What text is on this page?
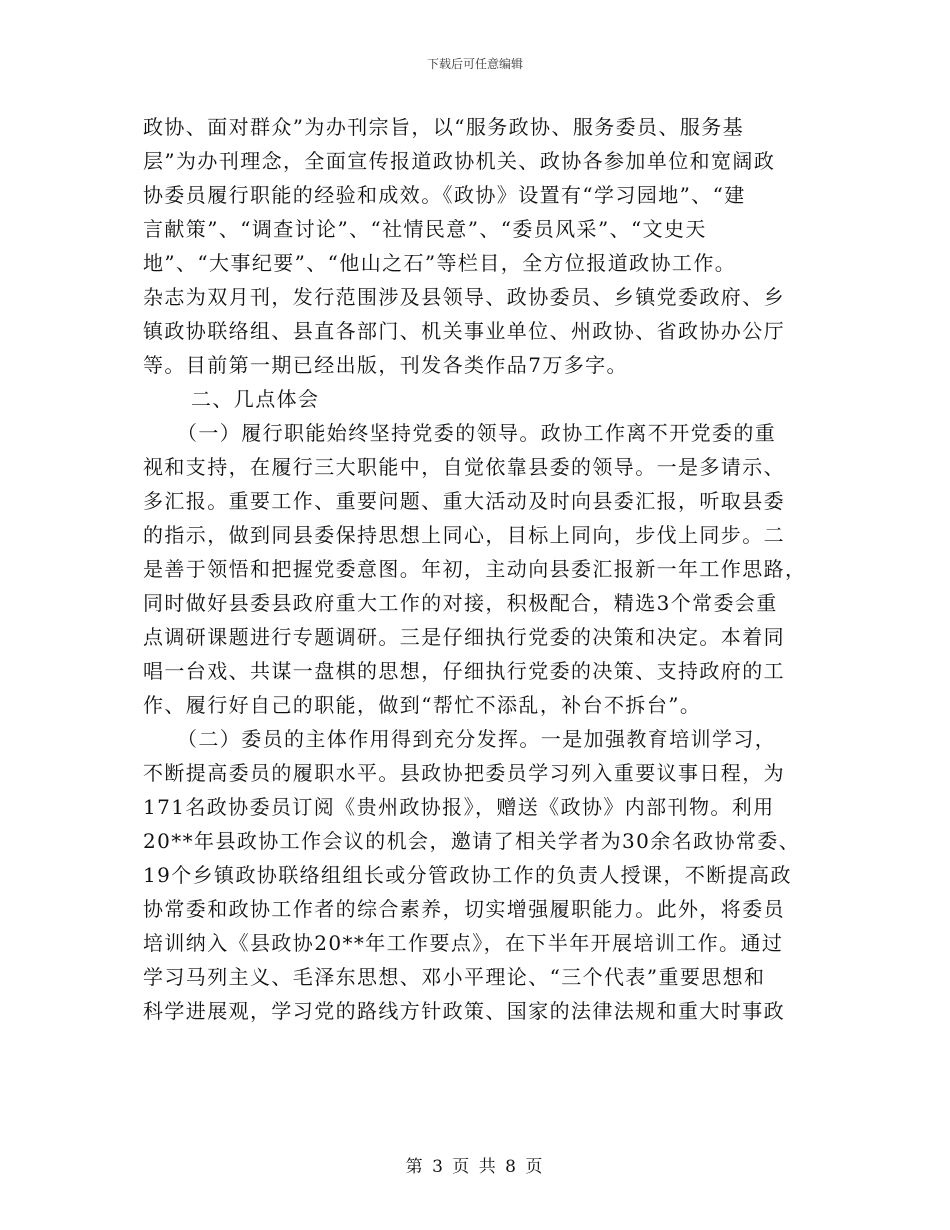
下载后可任意编辑
政协、面对群众”为办刊宗旨，以“服务政协、服务委员、服务基
层”为办刊理念，全面宣传报道政协机关、政协各参加单位和宽阔政
协委员履行职能的经验和成效。《政协》设置有“学习园地”、“建
言献策”、“调查讨论”、“社情民意”、“委员风采”、“文史天
地”、“大事纪要”、“他山之石”等栏目，全方位报道政协工作。
杂志为双月刊，发行范围涉及县领导、政协委员、乡镇党委政府、乡
镇政协联络组、县直各部门、机关事业单位、州政协、省政协办公厅
等。目前第一期已经出版，刊发各类作品7万多字。
二、几点体会
（一）履行职能始终坚持党委的领导。政协工作离不开党委的重
视和支持，在履行三大职能中，自觉依靠县委的领导。一是多请示、
多汇报。重要工作、重要问题、重大活动及时向县委汇报，听取县委
的指示，做到同县委保持思想上同心，目标上同向，步伐上同步。二
是善于领悟和把握党委意图。年初，主动向县委汇报新一年工作思路，
同时做好县委县政府重大工作的对接，积极配合，精选3个常委会重
点调研课题进行专题调研。三是仔细执行党委的决策和决定。本着同
唱一台戏、共谋一盘棋的思想，仔细执行党委的决策、支持政府的工
作、履行好自己的职能，做到“帮忙不添乱，补台不拆台”。
（二）委员的主体作用得到充分发挥。一是加强教育培训学习，
不断提高委员的履职水平。县政协把委员学习列入重要议事日程，为
171名政协委员订阅《贵州政协报》，赠送《政协》内部刊物。利用
20**年县政协工作会议的机会，邀请了相关学者为30余名政协常委、
19个乡镇政协联络组组长或分管政协工作的负责人授课，不断提高政
协常委和政协工作者的综合素养，切实增强履职能力。此外，将委员
培训纳入《县政协20**年工作要点》，在下半年开展培训工作。通过
学习马列主义、毛泽东思想、邓小平理论、“三个代表”重要思想和
科学进展观，学习党的路线方针政策、国家的法律法规和重大时事政
第 3 页 共 8 页
